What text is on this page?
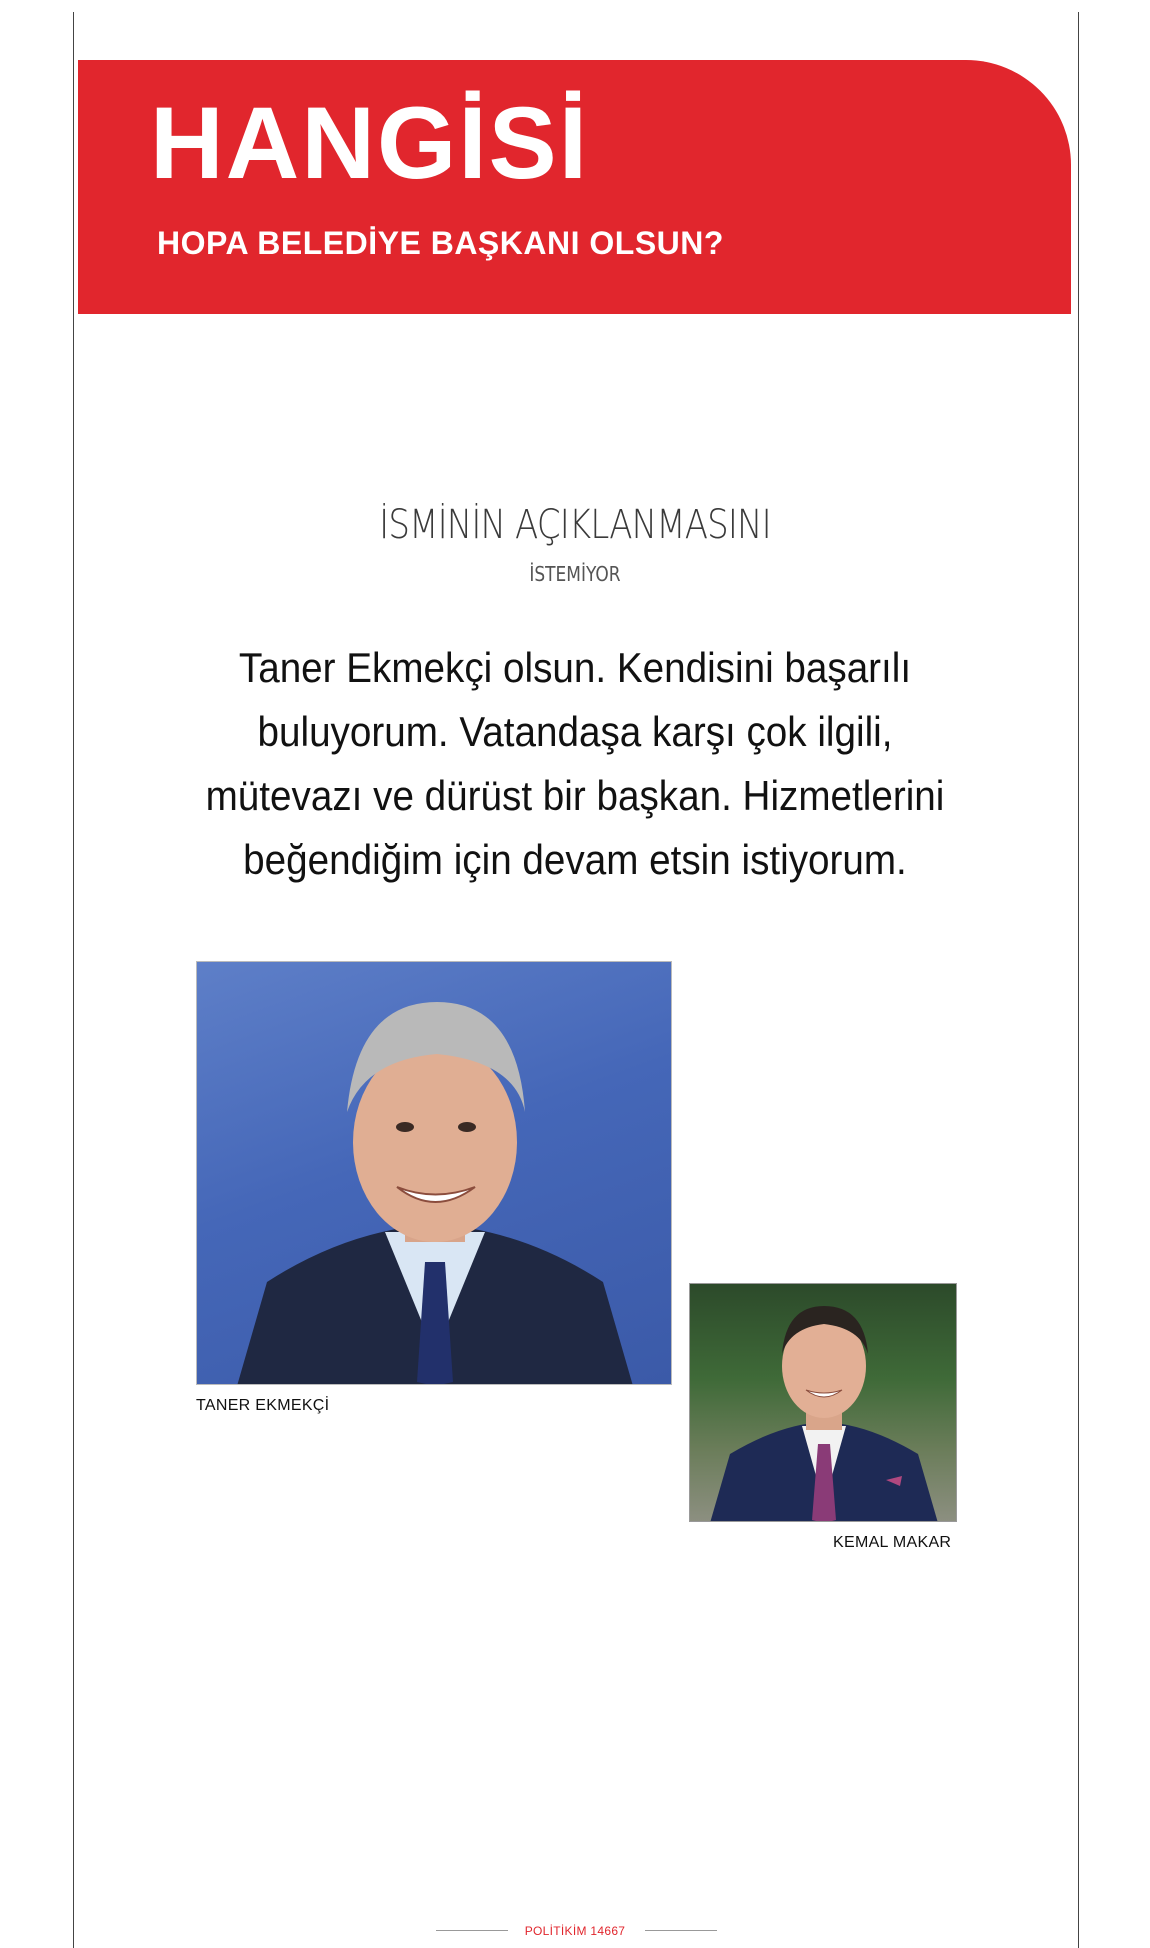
HANGİSİ
HOPA BELEDİYE BAŞKANI OLSUN?
İSMİNİN AÇIKLANMASINI
İSTEMİYOR
Taner Ekmekçi olsun. Kendisini başarılı buluyorum. Vatandaşa karşı çok ilgili, mütevazı ve dürüst bir başkan. Hizmetlerini beğendiğim için devam etsin istiyorum.
TANER EKMEKÇİ
KEMAL MAKAR
POLİTİKİM 14667
